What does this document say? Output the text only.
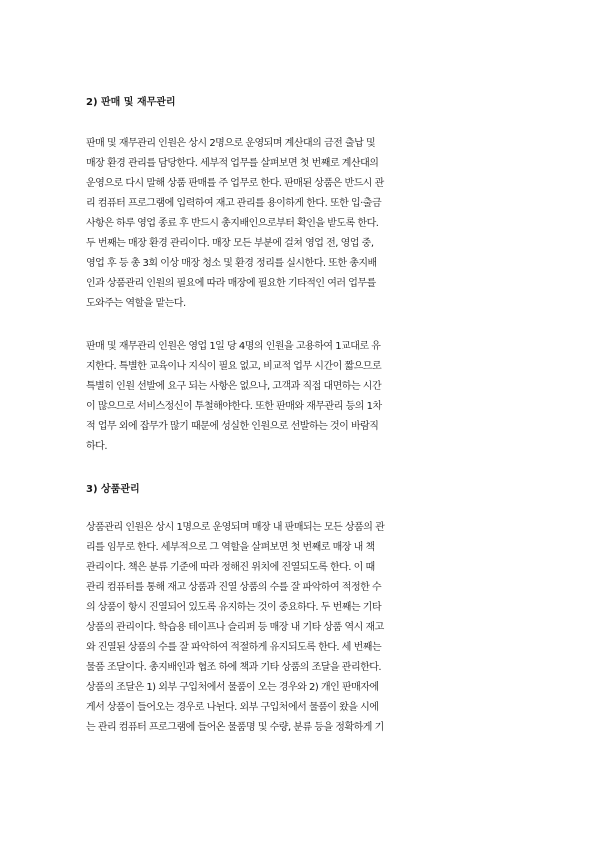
2) 판매 및 재무관리
판매 및 재무관리 인원은 상시 2명으로 운영되며 계산대의 금전 출납 및
매장 환경 관리를 담당한다. 세부적 업무를 살펴보면 첫 번째로 계산대의
운영으로 다시 말해 상품 판매를 주 업무로 한다. 판매된 상품은 반드시 관
리 컴퓨터 프로그램에 입력하여 재고 관리를 용이하게 한다. 또한 입·출금
사항은 하루 영업 종료 후 반드시 총지배인으로부터 확인을 받도록 한다.
두 번째는 매장 환경 관리이다. 매장 모든 부분에 걸쳐 영업 전, 영업 중,
영업 후 등 총 3회 이상 매장 청소 및 환경 정리를 실시한다. 또한 총지배
인과 상품관리 인원의 필요에 따라 매장에 필요한 기타적인 여러 업무를
도와주는 역할을 맡는다.
판매 및 재무관리 인원은 영업 1일 당 4명의 인원을 고용하여 1교대로 유
지한다. 특별한 교육이나 지식이 필요 없고, 비교적 업무 시간이 짧으므로
특별히 인원 선발에 요구 되는 사항은 없으나, 고객과 직접 대면하는 시간
이 많으므로 서비스정신이 투철해야한다. 또한 판매와 재무관리 등의 1차
적 업무 외에 잡무가 많기 때문에 성실한 인원으로 선발하는 것이 바람직
하다.
3) 상품관리
상품관리 인원은 상시 1명으로 운영되며 매장 내 판매되는 모든 상품의 관
리를 임무로 한다. 세부적으로 그 역할을 살펴보면 첫 번째로 매장 내 책
관리이다. 책은 분류 기준에 따라 정해진 위치에 진열되도록 한다. 이 때
관리 컴퓨터를 통해 재고 상품과 진열 상품의 수를 잘 파악하여 적정한 수
의 상품이 항시 진열되어 있도록 유지하는 것이 중요하다. 두 번째는 기타
상품의 관리이다. 학습용 테이프나 슬리퍼 등 매장 내 기타 상품 역시 재고
와 진열된 상품의 수를 잘 파악하여 적절하게 유지되도록 한다. 세 번째는
물품 조달이다. 총지배인과 협조 하에 책과 기타 상품의 조달을 관리한다.
상품의 조달은 1) 외부 구입처에서 물품이 오는 경우와 2) 개인 판매자에
게서 상품이 들어오는 경우로 나뉜다. 외부 구입처에서 물품이 왔을 시에
는 관리 컴퓨터 프로그램에 들어온 물품명 및 수량, 분류 등을 정확하게 기
